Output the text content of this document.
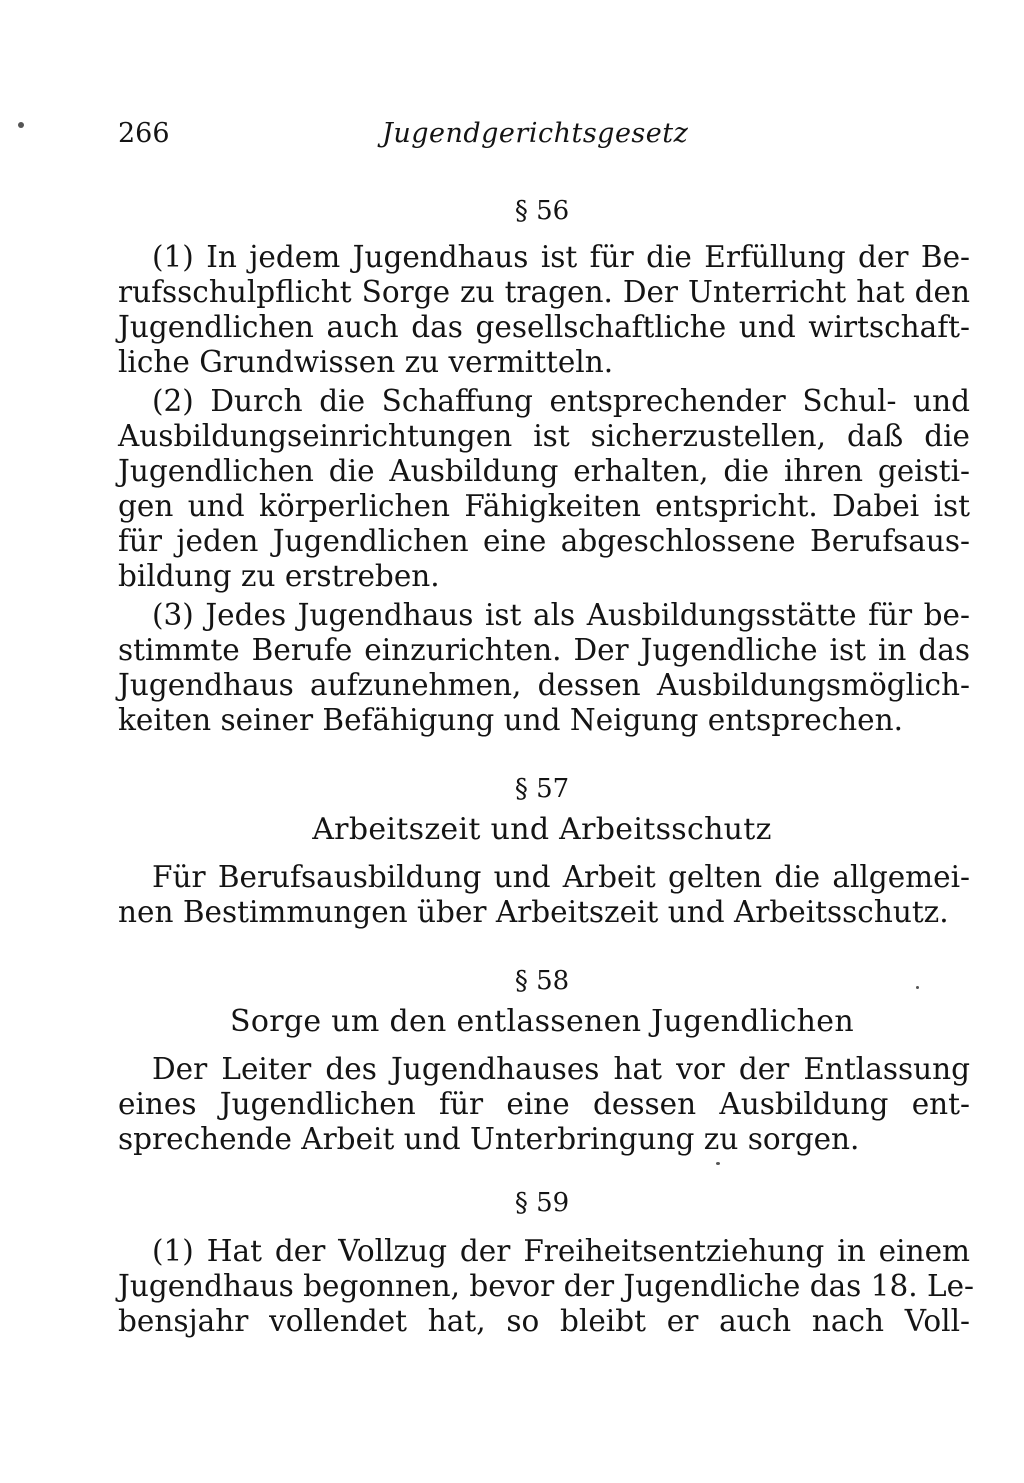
266	Jugendgerichtsgesetz
§ 56
(1) In jedem Jugendhaus ist für die Erfüllung der Be-
rufsschulpflicht Sorge zu tragen. Der Unterricht hat den
Jugendlichen auch das gesellschaftliche und wirtschaft-
liche Grundwissen zu vermitteln.
(2) Durch die Schaffung entsprechender Schul- und
Ausbildungseinrichtungen ist sicherzustellen, daß die
Jugendlichen die Ausbildung erhalten, die ihren geisti-
gen und körperlichen Fähigkeiten entspricht. Dabei ist
für jeden Jugendlichen eine abgeschlossene Berufsaus-
bildung zu erstreben.
(3) Jedes Jugendhaus ist als Ausbildungsstätte für be-
stimmte Berufe einzurichten. Der Jugendliche ist in das
Jugendhaus aufzunehmen, dessen Ausbildungsmöglich-
keiten seiner Befähigung und Neigung entsprechen.
§ 57
Arbeitszeit und Arbeitsschutz
Für Berufsausbildung und Arbeit gelten die allgemei-
nen Bestimmungen über Arbeitszeit und Arbeitsschutz.
§ 58
Sorge um den entlassenen Jugendlichen
Der Leiter des Jugendhauses hat vor der Entlassung
eines Jugendlichen für eine dessen Ausbildung ent-
sprechende Arbeit und Unterbringung zu sorgen.
§ 59
(1) Hat der Vollzug der Freiheitsentziehung in einem
Jugendhaus begonnen, bevor der Jugendliche das 18. Le-
bensjahr vollendet hat, so bleibt er auch nach Voll-
